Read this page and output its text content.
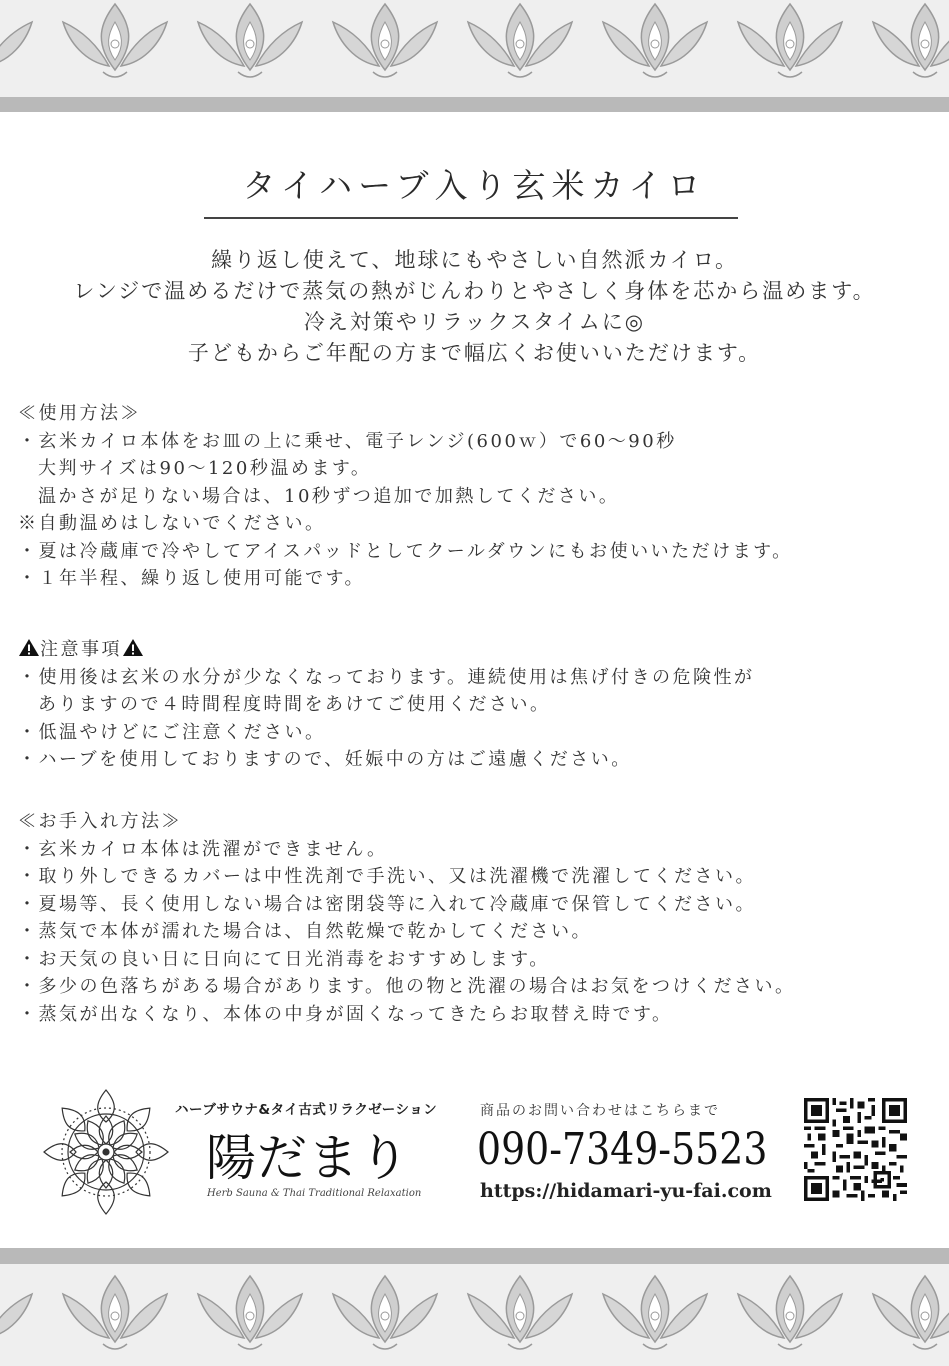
タイハーブ入り玄米カイロ

繰り返し使えて、地球にもやさしい自然派カイロ。

レンジで温めるだけで蒸気の熱がじんわりとやさしく身体を芯から温めます。

冷え対策やリラックスタイムに◎

子どもからご年配の方まで幅広くお使いいただけます。

≪使用方法≫

・玄米カイロ本体をお皿の上に乗せ、電子レンジ(600ｗ）で60〜90秒

大判サイズは90〜120秒温めます。

温かさが足りない場合は、10秒ずつ追加で加熱してください。

※自動温めはしないでください。

・夏は冷蔵庫で冷やしてアイスパッドとしてクールダウンにもお使いいただけます。

・１年半程、繰り返し使用可能です。

注意事項

・使用後は玄米の水分が少なくなっております。連続使用は焦げ付きの危険性が

ありますので４時間程度時間をあけてご使用ください。

・低温やけどにご注意ください。

・ハーブを使用しておりますので、妊娠中の方はご遠慮ください。

≪お手入れ方法≫

・玄米カイロ本体は洗濯ができません。

・取り外しできるカバーは中性洗剤で手洗い、又は洗濯機で洗濯してください。

・夏場等、長く使用しない場合は密閉袋等に入れて冷蔵庫で保管してください。

・蒸気で本体が濡れた場合は、自然乾燥で乾かしてください。

・お天気の良い日に日向にて日光消毒をおすすめします。

・多少の色落ちがある場合があります。他の物と洗濯の場合はお気をつけください。

・蒸気が出なくなり、本体の中身が固くなってきたらお取替え時です。

ハーブサウナ&タイ古式リラクゼーション
陽だまり
Herb Sauna & Thai Traditional Relaxation
商品のお問い合わせはこちらまで
090-7349-5523
https://hidamari-yu-fai.com
